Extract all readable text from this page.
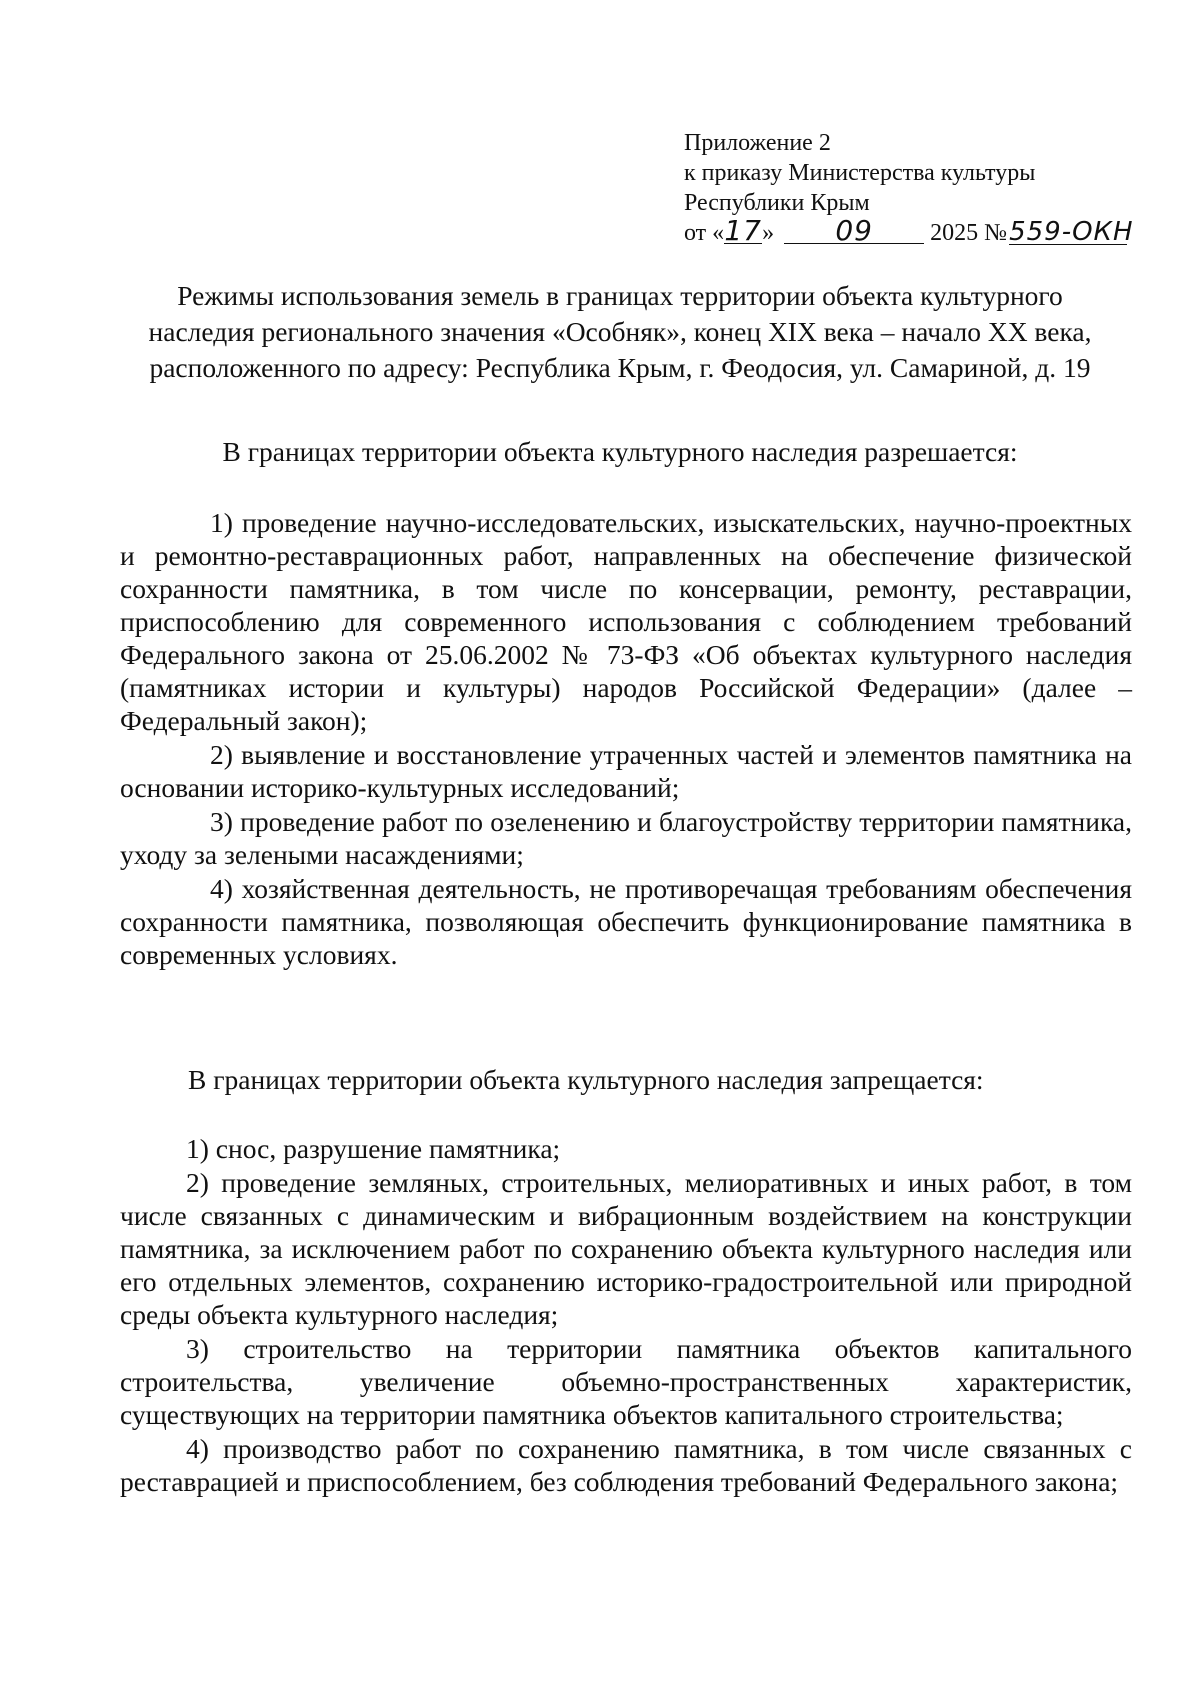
Приложение 2
к приказу Министерства культуры
Республики Крым
от «17» 09 2025 №559-ОКН
Режимы использования земель в границах территории объекта культурного
наследия регионального значения «Особняк», конец XIX века – начало XX века,
расположенного по адресу: Республика Крым, г. Феодосия, ул. Самариной, д. 19
В границах территории объекта культурного наследия разрешается:

1) проведение научно-исследовательских, изыскательских, научно-проектных и ремонтно-реставрационных работ, направленных на обеспечение физической сохранности памятника, в том числе по консервации, ремонту, реставрации, приспособлению для современного использования с соблюдением требований Федерального закона от 25.06.2002 № 73-ФЗ «Об объектах культурного наследия (памятниках истории и культуры) народов Российской Федерации» (далее – Федеральный закон);

2) выявление и восстановление утраченных частей и элементов памятника на основании историко-культурных исследований;

3) проведение работ по озеленению и благоустройству территории памятника, уходу за зелеными насаждениями;

4) хозяйственная деятельность, не противоречащая требованиям обеспечения сохранности памятника, позволяющая обеспечить функционирование памятника в современных условиях.

В границах территории объекта культурного наследия запрещается:

1) снос, разрушение памятника;

2) проведение земляных, строительных, мелиоративных и иных работ, в том числе связанных с динамическим и вибрационным воздействием на конструкции памятника, за исключением работ по сохранению объекта культурного наследия или его отдельных элементов, сохранению историко-градостроительной или природной среды объекта культурного наследия;

3) строительство на территории памятника объектов капитального строительства, увеличение объемно-пространственных характеристик, существующих на территории памятника объектов капитального строительства;

4) производство работ по сохранению памятника, в том числе связанных с реставрацией и приспособлением, без соблюдения требований Федерального закона;
